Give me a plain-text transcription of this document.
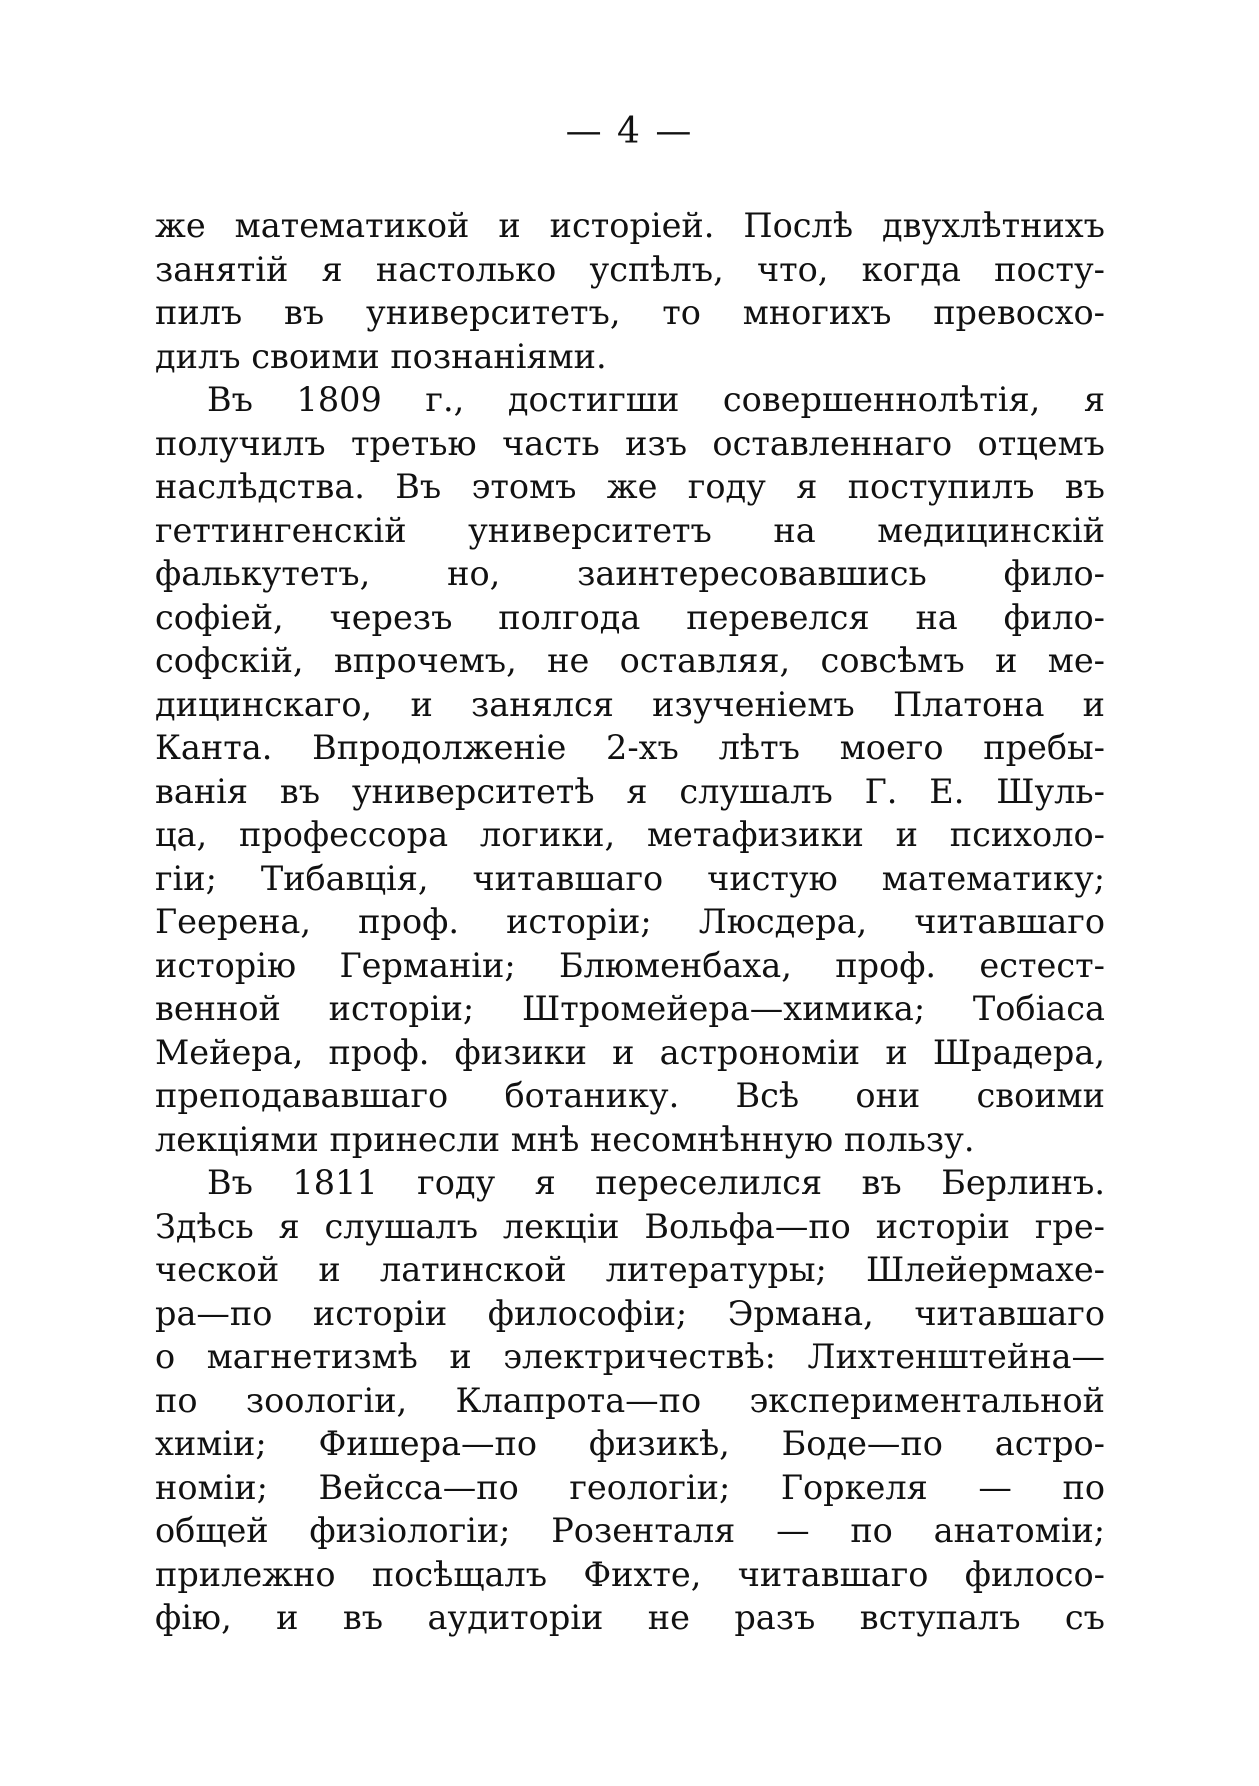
— 4 —
же математикой и исторіей. Послѣ двухлѣтнихъ
занятій я настолько успѣлъ, что, когда посту-
пилъ въ университетъ, то многихъ превосхо-
дилъ своими познаніями.
Въ 1809 г., достигши совершеннолѣтія, я
получилъ третью часть изъ оставленнаго отцемъ
наслѣдства. Въ этомъ же году я поступилъ въ
геттингенскій университетъ на медицинскій
фалькутетъ, но, заинтересовавшись фило-
софіей, черезъ полгода перевелся на фило-
софскій, впрочемъ, не оставляя, совсѣмъ и ме-
дицинскаго, и занялся изученіемъ Платона и
Канта. Впродолженіе 2-хъ лѣтъ моего пребы-
ванія въ университетѣ я слушалъ Г. Е. Шуль-
ца, профессора логики, метафизики и психоло-
гіи; Тибавція, читавшаго чистую математику;
Геерена, проф. исторіи; Люсдера, читавшаго
исторію Германіи; Блюменбаха, проф. естест-
венной исторіи; Штромейера—химика; Тобіаса
Мейера, проф. физики и астрономіи и Шрадера,
преподававшаго ботанику. Всѣ они своими
лекціями принесли мнѣ несомнѣнную пользу.
Въ 1811 году я переселился въ Берлинъ.
Здѣсь я слушалъ лекціи Вольфа—по исторіи гре-
ческой и латинской литературы; Шлейермахе-
ра—по исторіи философіи; Эрмана, читавшаго
о магнетизмѣ и электричествѣ: Лихтенштейна—
по зоологіи, Клапрота—по экспериментальной
химіи; Фишера—по физикѣ, Боде—по астро-
номіи; Вейсса—по геологіи; Горкеля — по
общей физіологіи; Розенталя — по анатоміи;
прилежно посѣщалъ Фихте, читавшаго филосо-
фію, и въ аудиторіи не разъ вступалъ съ
